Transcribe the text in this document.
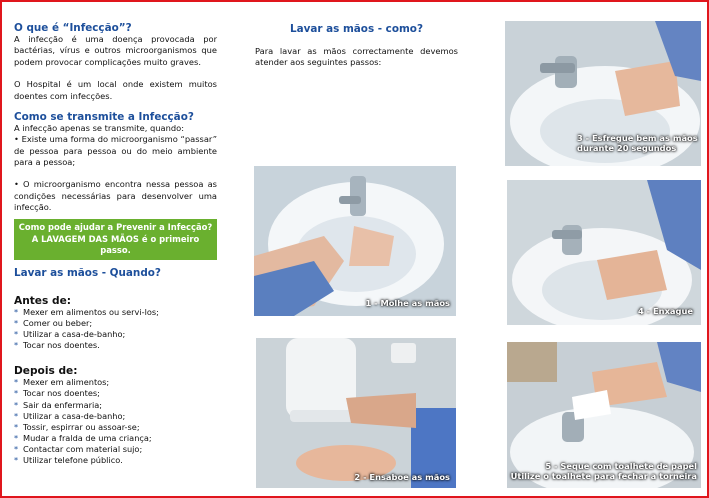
O que é “Infecção”?

A infecção é uma doença provocada por bactérias, vírus e outros microorganismos que podem provocar complicações muito graves.

O Hospital é um local onde existem muitos doentes com infecções.

Como se transmite a Infecção?

A infecção apenas se transmite, quando:

• Existe uma forma do microorganismo “passar” de pessoa para pessoa ou do meio ambiente para a pessoa;

• O microorganismo encontra nessa pessoa as condições necessárias para desenvolver uma infecção.

Como pode ajudar a Prevenir a Infecção?
A LAVAGEM DAS MÃOS é o primeiro passo.

Lavar as mãos - Quando?

Antes de:

* Mexer em alimentos ou servi-los;
* Comer ou beber;
* Utilizar a casa-de-banho;
* Tocar nos doentes.

Depois de:

* Mexer em alimentos;
* Tocar nos doentes;
* Sair da enfermaria;
* Utilizar a casa-de-banho;
* Tossir, espirrar ou assoar-se;
* Mudar a fralda de uma criança;
* Contactar com material sujo;
* Utilizar telefone público.

Lavar as mãos - como?

Para lavar as mãos correctamente devemos atender aos seguintes passos:

1 - Molhe as mãos
2 - Ensaboe as mãos
3 - Esfregue bem as mãos
durante 20 segundos
4 - Enxague
5 - Seque com toalhete de papel
Utilize o toalhete para fechar a torneira
